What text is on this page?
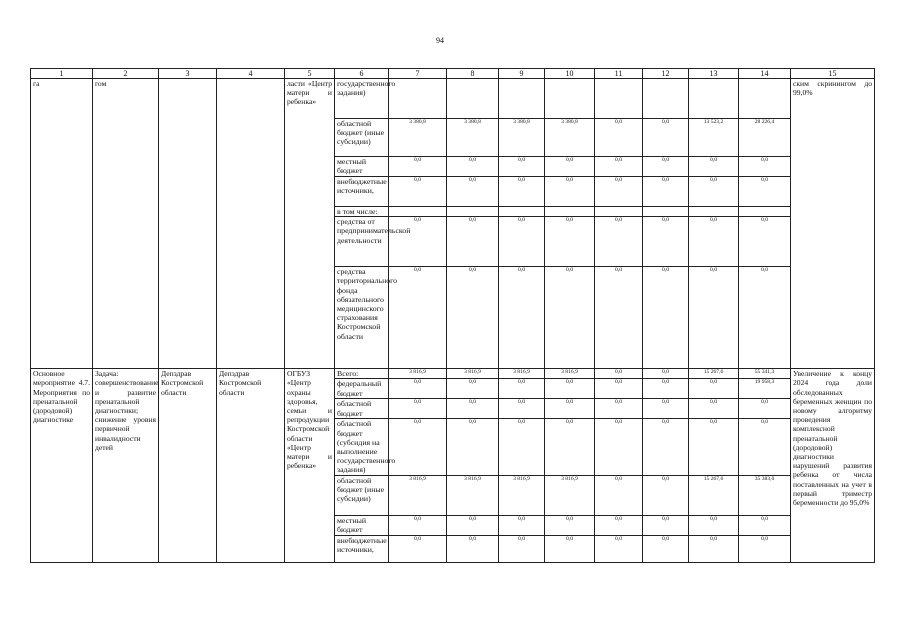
94
1	2	3	4	5	6	7	8	9	10	11	12	13	14	15
га	гом			ласти «Центр матери и ребенка»	государственного задания)									ским скринингом до 99,0%
					областной бюджет (иные субсидии)	3 380,8	3 380,8	3 380,8	3 380,8	0,0	0,0	13 523,2	28 226,4	
					местный бюджет	0,0	0,0	0,0	0,0	0,0	0,0	0,0	0,0	
					внебюджетные источники,	0,0	0,0	0,0	0,0	0,0	0,0	0,0	0,0	
					в том числе:									
					средства от предпринимательской деятельности	0,0	0,0	0,0	0,0	0,0	0,0	0,0	0,0	
					средства территориального фонда обязательного медицинского страхования Костромской области	0,0	0,0	0,0	0,0	0,0	0,0	0,0	0,0	
Основное мероприятие 4.7. Мероприятия по пренатальной (дородовой) диагностике	Задача: совершенствование и развитие пренатальной диагностики; снижение уровня первичной инвалидности детей	Депздрав Костромской области	Депздрав Костромской области	ОГБУЗ «Центр охраны здоровья, семьи и репродукции Костромской области «Центр матери и ребенка»	Всего:	3 816,9	3 816,9	3 816,9	3 816,9	0,0	0,0	15 267,6	55 341,3	Увеличение к концу 2024 года доли обследованных беременных женщин по новому алгоритму проведения комплексной пренатальной (дородовой) диагностики нарушений развития ребенка от числа поставленных на учет в первый триместр беременности до 95,0%
					федеральный бюджет	0,0	0,0	0,0	0,0	0,0	0,0	0,0	19 958,3	
					областной бюджет	0,0	0,0	0,0	0,0	0,0	0,0	0,0	0,0	
					областной бюджет (субсидия на выполнение государственного задания)	0,0	0,0	0,0	0,0	0,0	0,0	0,0	0,0	
					областной бюджет (иные субсидии)	3 816,9	3 816,9	3 816,9	3 816,9	0,0	0,0	15 267,6	35 383,0	
					местный бюджет	0,0	0,0	0,0	0,0	0,0	0,0	0,0	0,0	
					внебюджетные источники,	0,0	0,0	0,0	0,0	0,0	0,0	0,0	0,0	
